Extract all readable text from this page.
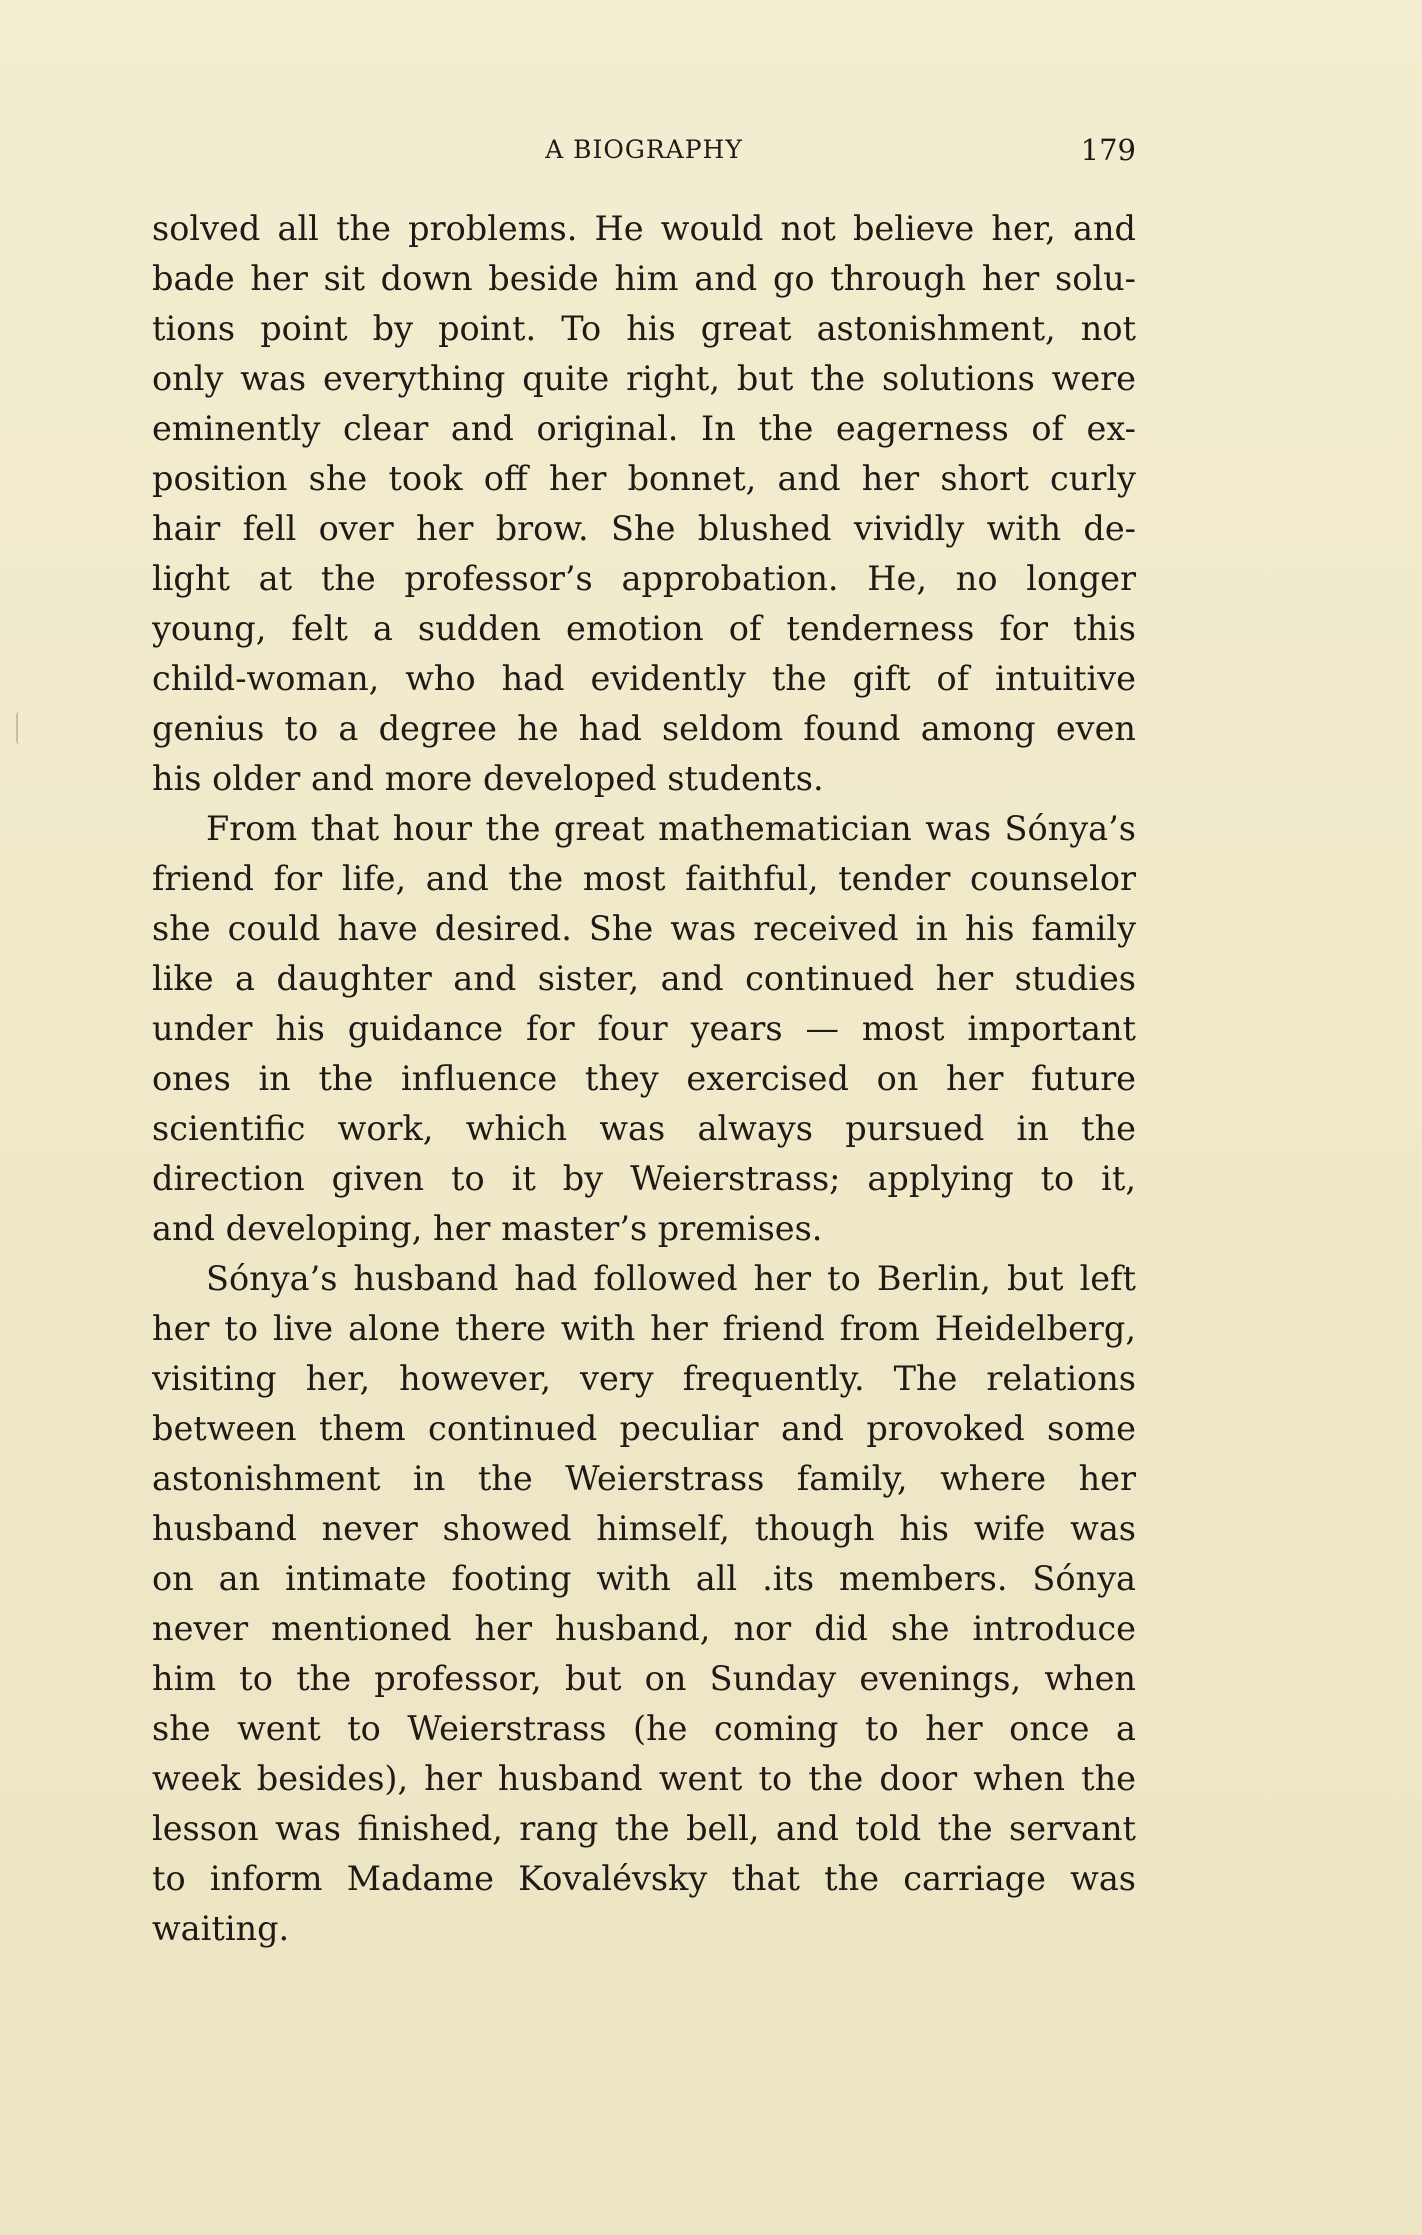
A BIOGRAPHY	179
solved all the problems. He would not believe her, and
bade her sit down beside him and go through her solu-
tions point by point. To his great astonishment, not
only was everything quite right, but the solutions were
eminently clear and original. In the eagerness of ex-
position she took off her bonnet, and her short curly
hair fell over her brow. She blushed vividly with de-
light at the professor’s approbation. He, no longer
young, felt a sudden emotion of tenderness for this
child-woman, who had evidently the gift of intuitive
genius to a degree he had seldom found among even
his older and more developed students.
From that hour the great mathematician was Sónya’s
friend for life, and the most faithful, tender counselor
she could have desired. She was received in his family
like a daughter and sister, and continued her studies
under his guidance for four years — most important
ones in the influence they exercised on her future
scientific work, which was always pursued in the
direction given to it by Weierstrass; applying to it,
and developing, her master’s premises.
Sónya’s husband had followed her to Berlin, but left
her to live alone there with her friend from Heidelberg,
visiting her, however, very frequently. The relations
between them continued peculiar and provoked some
astonishment in the Weierstrass family, where her
husband never showed himself, though his wife was
on an intimate footing with all .its members. Sónya
never mentioned her husband, nor did she introduce
him to the professor, but on Sunday evenings, when
she went to Weierstrass (he coming to her once a
week besides), her husband went to the door when the
lesson was finished, rang the bell, and told the servant
to inform Madame Kovalévsky that the carriage was
waiting.
